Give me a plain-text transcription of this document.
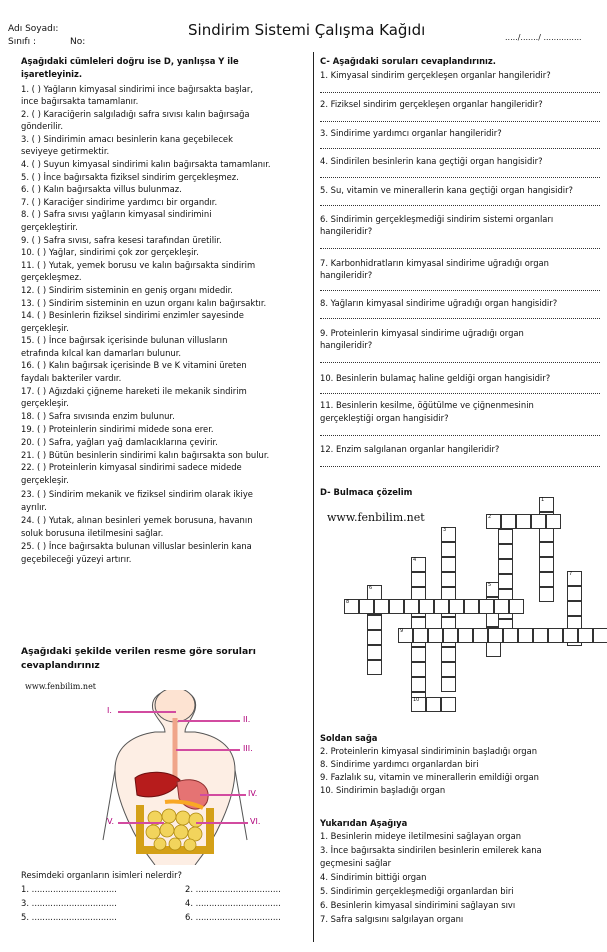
Adı Soyadı:
Sınıfı :	No:
Sindirim Sistemi Çalışma Kağıdı	...../......./ ...............
Aşağıdaki cümleleri doğru ise D, yanlışsa Y ile
işaretleyiniz.
1. ( ) Yağların kimyasal sindirimi ince bağırsakta başlar,
ince bağırsakta tamamlanır.
2. ( ) Karaciğerin salgıladığı safra sıvısı kalın bağırsağa
gönderilir.
3. ( ) Sindirimin amacı besinlerin kana geçebilecek
seviyeye getirmektir.
4. ( ) Suyun kimyasal sindirimi kalın bağırsakta tamamlanır.
5. ( ) İnce bağırsakta fiziksel sindirim gerçekleşmez.
6. ( ) Kalın bağırsakta villus bulunmaz.
7. ( ) Karaciğer sindirime yardımcı bir organdır.
8. ( ) Safra sıvısı yağların kimyasal sindirimini
gerçekleştirir.
9. ( ) Safra sıvısı, safra kesesi tarafından üretilir.
10. ( ) Yağlar, sindirimi çok zor gerçekleşir.
11. ( ) Yutak, yemek borusu ve kalın bağırsakta sindirim
gerçekleşmez.
12. ( ) Sindirim sisteminin en geniş organı midedir.
13. ( ) Sindirim sisteminin en uzun organı kalın bağırsaktır.
14. ( ) Besinlerin fiziksel sindirimi enzimler sayesinde
gerçekleşir.
15. ( ) İnce bağırsak içerisinde bulunan villusların
etrafında kılcal kan damarları bulunur.
16. ( ) Kalın bağırsak içerisinde B ve K vitamini üreten
faydalı bakteriler vardır.
17. ( ) Ağızdaki çiğneme hareketi ile mekanik sindirim
gerçekleşir.
18. ( ) Safra sıvısında enzim bulunur.
19. ( ) Proteinlerin sindirimi midede sona erer.
20. ( ) Safra, yağları yağ damlacıklarına çevirir.
21. ( ) Bütün besinlerin sindirimi kalın bağırsakta son bulur.
22. ( ) Proteinlerin kimyasal sindirimi sadece midede
gerçekleşir.
23. ( ) Sindirim mekanik ve fiziksel sindirim olarak ikiye
ayrılır.
24. ( ) Yutak, alınan besinleri yemek borusuna, havanın
soluk borusuna iletilmesini sağlar.
25. ( ) İnce bağırsakta bulunan villuslar besinlerin kana
geçebileceği yüzeyi artırır.
Aşağıdaki şekilde verilen resme göre soruları
cevaplandırınız
www.fenbilim.net
I.
II.
III.
IV.
V.	VI.
Resimdeki organların isimleri nelerdir?
1. ................................	2. ................................
3. ................................	4. ................................
5. ................................	6. ................................
C- Aşağıdaki soruları cevaplandırınız.
1. Kimyasal sindirim gerçekleşen organlar hangileridir?
2. Fiziksel sindirim gerçekleşen organlar hangileridir?
3. Sindirime yardımcı organlar hangileridir?
4. Sindirilen besinlerin kana geçtiği organ hangisidir?
5. Su, vitamin ve minerallerin kana geçtiği organ hangisidir?
6. Sindirimin gerçekleşmediği sindirim sistemi organları
hangileridir?
7. Karbonhidratların kimyasal sindirime uğradığı organ
hangileridir?
8. Yağların kimyasal sindirime uğradığı organ hangisidir?
9. Proteinlerin kimyasal sindirime uğradığı organ
hangileridir?
10. Besinlerin bulamaç haline geldiği organ hangisidir?
11. Besinlerin kesilme, öğütülme ve çiğnenmesinin
gerçekleştiği organ hangisidir?
12. Enzim salgılanan organlar hangileridir?
D- Bulmaca çözelim
www.fenbilim.net
1
3
4
5
6
7
2
8
9
10
Soldan sağa
2. Proteinlerin kimyasal sindiriminin başladığı organ
8. Sindirime yardımcı organlardan biri
9. Fazlalık su, vitamin ve minerallerin emildiği organ
10. Sindirimin başladığı organ
Yukarıdan Aşağıya
1. Besinlerin mideye iletilmesini sağlayan organ
3. İnce bağırsakta sindirilen besinlerin emilerek kana
geçmesini sağlar
4. Sindirimin bittiği organ
5. Sindirimin gerçekleşmediği organlardan biri
6. Besinlerin kimyasal sindirimini sağlayan sıvı
7. Safra salgısını salgılayan organı
